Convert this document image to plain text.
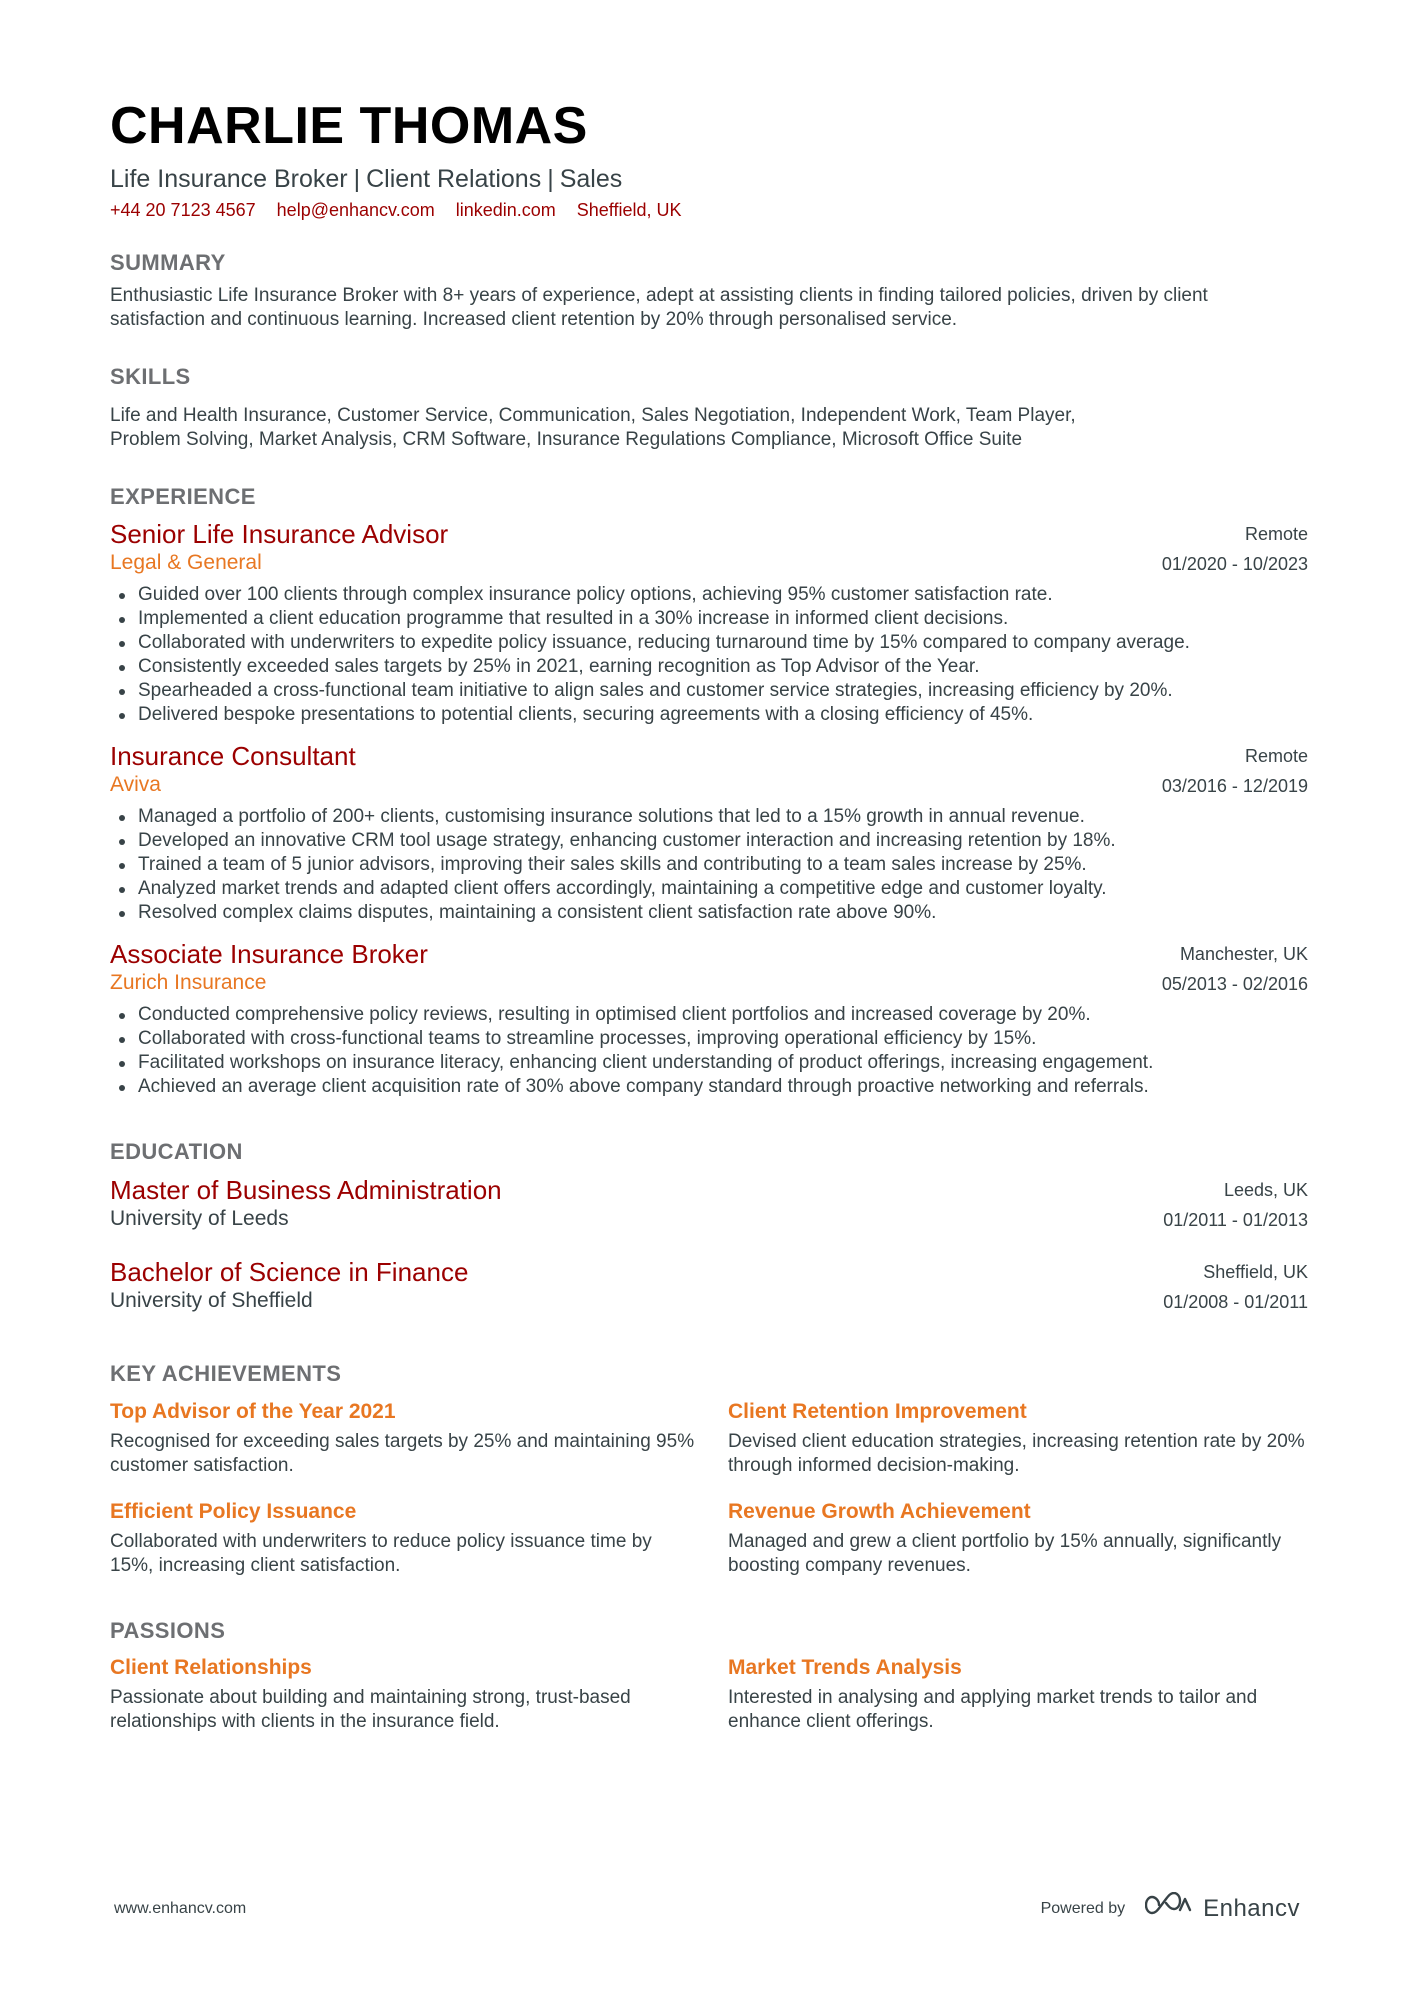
CHARLIE THOMAS
Life Insurance Broker | Client Relations | Sales
+44 20 7123 4567 help@enhancv.com linkedin.com Sheffield, UK
SUMMARY
Enthusiastic Life Insurance Broker with 8+ years of experience, adept at assisting clients in finding tailored policies, driven by client satisfaction and continuous learning. Increased client retention by 20% through personalised service.
SKILLS
Life and Health Insurance, Customer Service, Communication, Sales Negotiation, Independent Work, Team Player,
Problem Solving, Market Analysis, CRM Software, Insurance Regulations Compliance, Microsoft Office Suite
EXPERIENCE
Senior Life Insurance Advisor
Legal & General
Remote
01/2020 - 10/2023
Guided over 100 clients through complex insurance policy options, achieving 95% customer satisfaction rate.
Implemented a client education programme that resulted in a 30% increase in informed client decisions.
Collaborated with underwriters to expedite policy issuance, reducing turnaround time by 15% compared to company average.
Consistently exceeded sales targets by 25% in 2021, earning recognition as Top Advisor of the Year.
Spearheaded a cross-functional team initiative to align sales and customer service strategies, increasing efficiency by 20%.
Delivered bespoke presentations to potential clients, securing agreements with a closing efficiency of 45%.
Insurance Consultant
Aviva
Remote
03/2016 - 12/2019
Managed a portfolio of 200+ clients, customising insurance solutions that led to a 15% growth in annual revenue.
Developed an innovative CRM tool usage strategy, enhancing customer interaction and increasing retention by 18%.
Trained a team of 5 junior advisors, improving their sales skills and contributing to a team sales increase by 25%.
Analyzed market trends and adapted client offers accordingly, maintaining a competitive edge and customer loyalty.
Resolved complex claims disputes, maintaining a consistent client satisfaction rate above 90%.
Associate Insurance Broker
Zurich Insurance
Manchester, UK
05/2013 - 02/2016
Conducted comprehensive policy reviews, resulting in optimised client portfolios and increased coverage by 20%.
Collaborated with cross-functional teams to streamline processes, improving operational efficiency by 15%.
Facilitated workshops on insurance literacy, enhancing client understanding of product offerings, increasing engagement.
Achieved an average client acquisition rate of 30% above company standard through proactive networking and referrals.
EDUCATION
Master of Business Administration
University of Leeds
Leeds, UK
01/2011 - 01/2013
Bachelor of Science in Finance
University of Sheffield
Sheffield, UK
01/2008 - 01/2011
KEY ACHIEVEMENTS
Top Advisor of the Year 2021
Recognised for exceeding sales targets by 25% and maintaining 95% customer satisfaction.
Client Retention Improvement
Devised client education strategies, increasing retention rate by 20% through informed decision-making.
Efficient Policy Issuance
Collaborated with underwriters to reduce policy issuance time by 15%, increasing client satisfaction.
Revenue Growth Achievement
Managed and grew a client portfolio by 15% annually, significantly boosting company revenues.
PASSIONS
Client Relationships
Passionate about building and maintaining strong, trust-based relationships with clients in the insurance field.
Market Trends Analysis
Interested in analysing and applying market trends to tailor and enhance client offerings.
www.enhancv.com	Powered by	Enhancv
